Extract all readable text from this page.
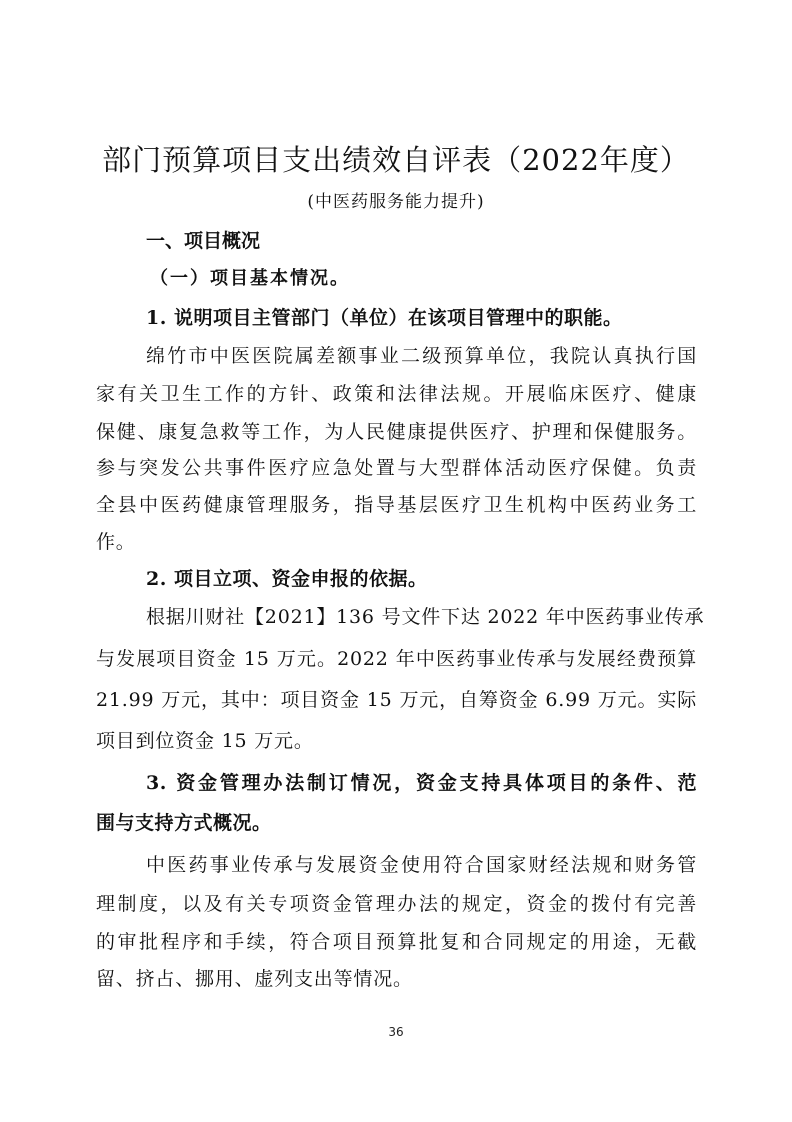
部门预算项目支出绩效自评表（2022年度）
(中医药服务能力提升)
一、项目概况
（一）项目基本情况。
1. 说明项目主管部门（单位）在该项目管理中的职能。
绵竹市中医医院属差额事业二级预算单位，我院认真执行国
家有关卫生工作的方针、政策和法律法规。开展临床医疗、健康
保健、康复急救等工作，为人民健康提供医疗、护理和保健服务。
参与突发公共事件医疗应急处置与大型群体活动医疗保健。负责
全县中医药健康管理服务，指导基层医疗卫生机构中医药业务工
作。
2. 项目立项、资金申报的依据。
根据川财社【2021】136 号文件下达 2022 年中医药事业传承
与发展项目资金 15 万元。2022 年中医药事业传承与发展经费预算
21.99 万元，其中：项目资金 15 万元，自筹资金 6.99 万元。实际
项目到位资金 15 万元。
3. 资金管理办法制订情况，资金支持具体项目的条件、范
围与支持方式概况。
中医药事业传承与发展资金使用符合国家财经法规和财务管
理制度，以及有关专项资金管理办法的规定，资金的拨付有完善
的审批程序和手续，符合项目预算批复和合同规定的用途，无截
留、挤占、挪用、虚列支出等情况。
36
